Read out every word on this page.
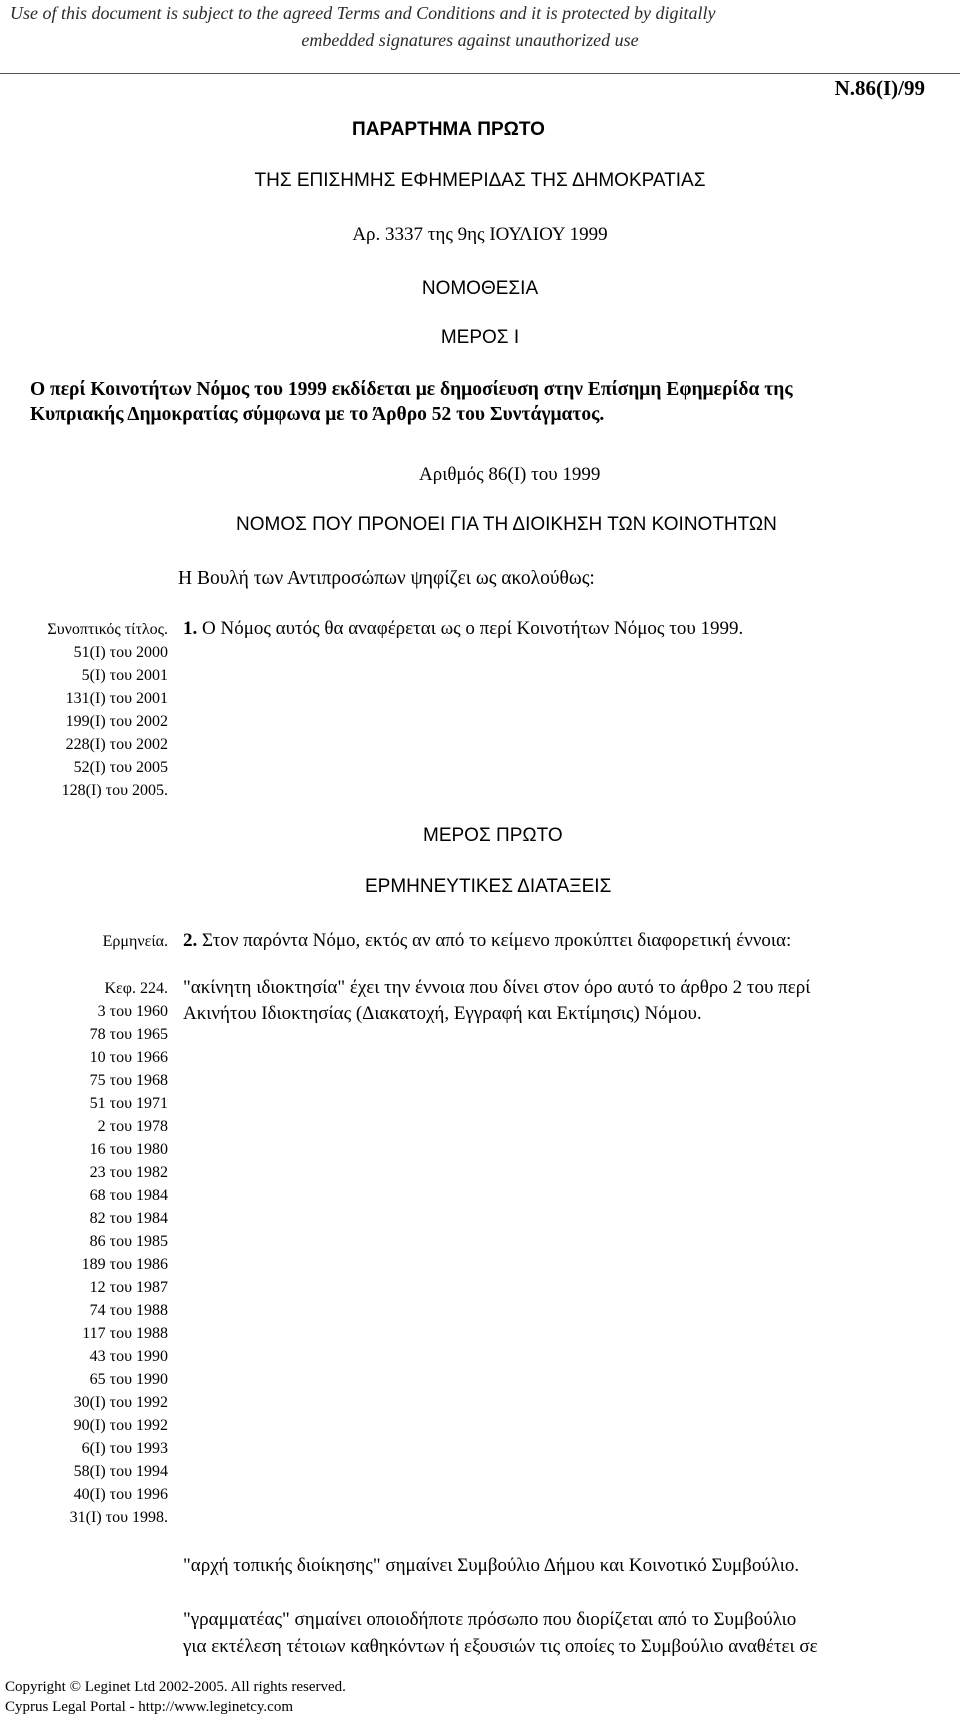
Use of this document is subject to the agreed Terms and Conditions and it is protected by digitally
embedded signatures against unauthorized use
N.86(Ι)/99
ΠΑΡΑΡΤΗΜΑ ΠΡΩΤΟ
ΤΗΣ ΕΠΙΣΗΜΗΣ ΕΦΗΜΕΡΙΔΑΣ ΤΗΣ ΔΗΜΟΚΡΑΤΙΑΣ
Αρ. 3337 της 9ης ΙΟΥΛΙΟΥ 1999
ΝΟΜΟΘΕΣΙΑ
ΜΕΡΟΣ Ι
Ο περί Κοινοτήτων Νόμος του 1999 εκδίδεται με δημοσίευση στην Επίσημη Εφημερίδα της
Κυπριακής Δημοκρατίας σύμφωνα με το Άρθρο 52 του Συντάγματος.
Αριθμός 86(Ι) του 1999
ΝΟΜΟΣ ΠΟΥ ΠΡΟΝΟΕΙ ΓΙΑ ΤΗ ΔΙΟΙΚΗΣΗ ΤΩΝ ΚΟΙΝΟΤΗΤΩΝ
Η Βουλή των Αντιπροσώπων ψηφίζει ως ακολούθως:
Συνοπτικός τίτλος.
51(Ι) του 2000
5(Ι) του 2001
131(Ι) του 2001
199(Ι) του 2002
228(Ι) του 2002
52(Ι) του 2005
128(Ι) του 2005.
1. Ο Νόμος αυτός θα αναφέρεται ως ο περί Κοινοτήτων Νόμος του 1999.
ΜΕΡΟΣ ΠΡΩΤΟ
ΕΡΜΗΝΕΥΤΙΚΕΣ ΔΙΑΤΑΞΕΙΣ
Ερμηνεία. 2. Στον παρόντα Νόμο, εκτός αν από το κείμενο προκύπτει διαφορετική έννοια:
Κεφ. 224.
3 του 1960
78 του 1965
10 του 1966
75 του 1968
51 του 1971
2 του 1978
16 του 1980
23 του 1982
68 του 1984
82 του 1984
86 του 1985
189 του 1986
12 του 1987
74 του 1988
117 του 1988
43 του 1990
65 του 1990
30(Ι) του 1992
90(Ι) του 1992
6(Ι) του 1993
58(Ι) του 1994
40(Ι) του 1996
31(Ι) του 1998.
"ακίνητη ιδιοκτησία" έχει την έννοια που δίνει στον όρο αυτό το άρθρο 2 του περί
Ακινήτου Ιδιοκτησίας (Διακατοχή, Εγγραφή και Εκτίμησις) Νόμου.
"αρχή τοπικής διοίκησης" σημαίνει Συμβούλιο Δήμου και Κοινοτικό Συμβούλιο.
"γραμματέας" σημαίνει οποιοδήποτε πρόσωπο που διορίζεται από το Συμβούλιο
για εκτέλεση τέτοιων καθηκόντων ή εξουσιών τις οποίες το Συμβούλιο αναθέτει σε
Copyright © Leginet Ltd 2002-2005. All rights reserved.
Cyprus Legal Portal - http://www.leginetcy.com
